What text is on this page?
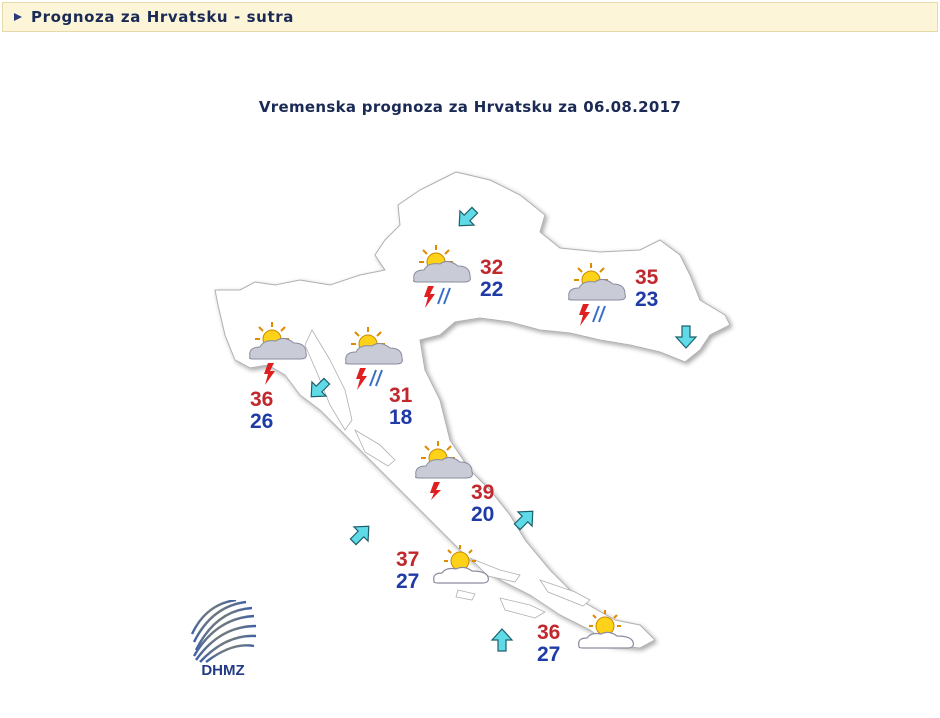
Prognoza za Hrvatsku - sutra
Vremenska prognoza za Hrvatsku za 06.08.2017
32
22
35
23
36
26
31
18
39
20
37
27
36
27
DHMZ
